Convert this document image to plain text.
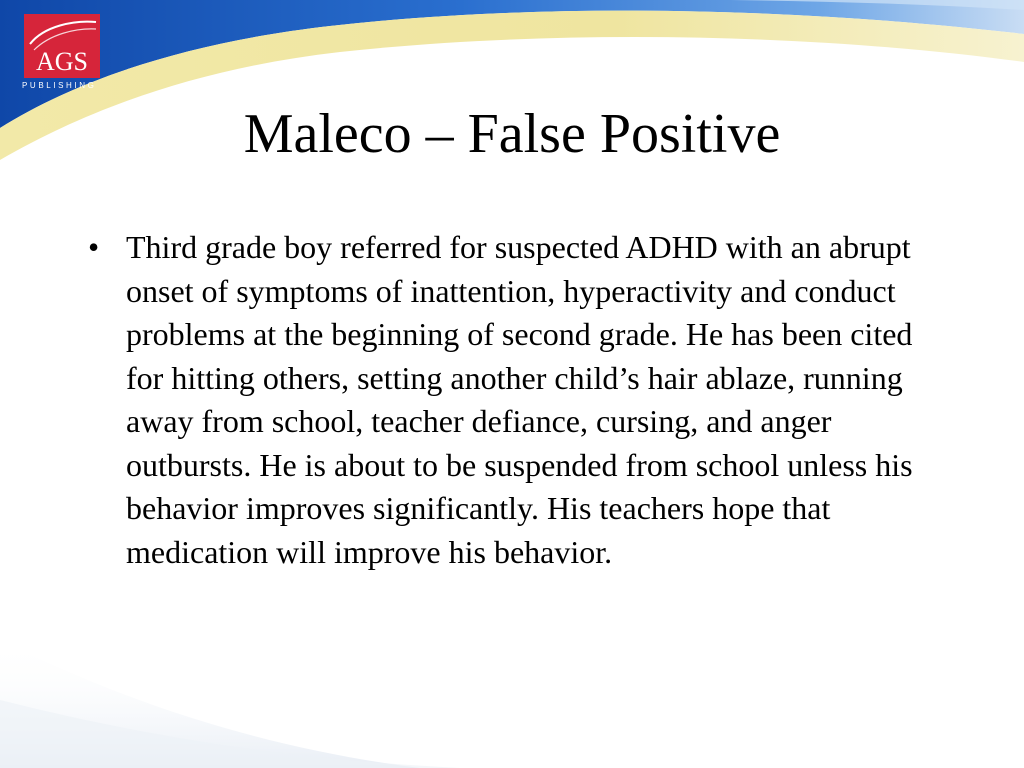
AGS
PUBLISHING
Maleco – False Positive
• Third grade boy referred for suspected ADHD with an abrupt onset of symptoms of inattention, hyperactivity and conduct problems at the beginning of second grade. He has been cited for hitting others, setting another child’s hair ablaze, running away from school, teacher defiance, cursing, and anger outbursts. He is about to be suspended from school unless his behavior improves significantly. His teachers hope that medication will improve his behavior.
